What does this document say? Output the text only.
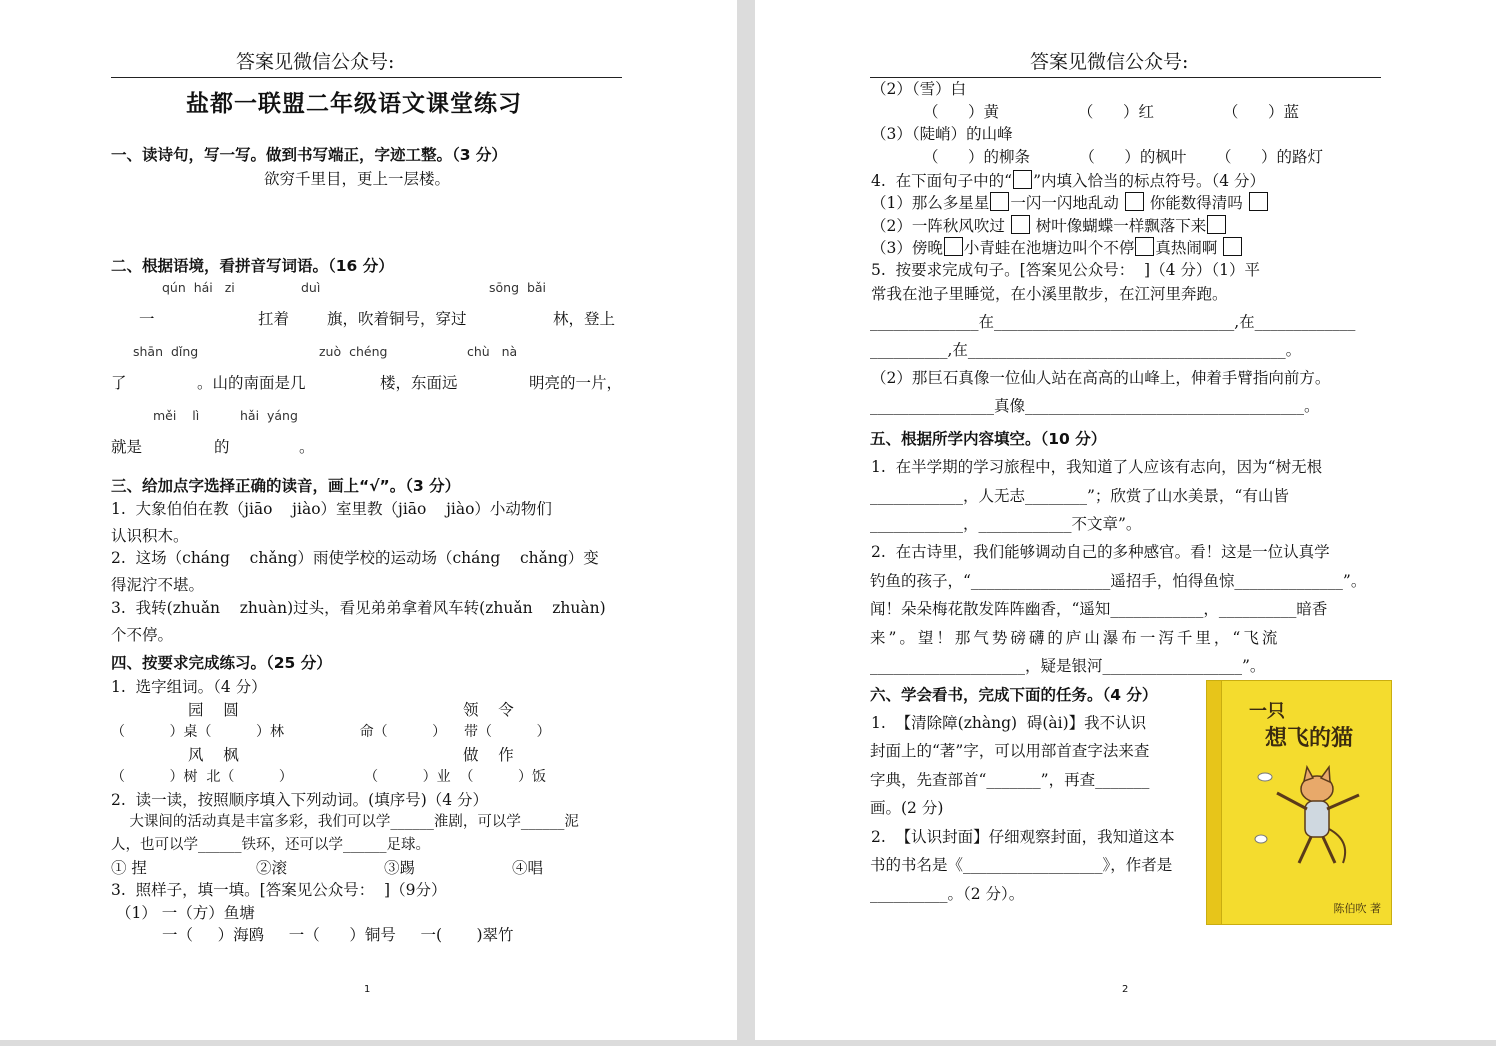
答案见微信公众号:
盐都一联盟二年级语文课堂练习
一、读诗句，写一写。做到书写端正，字迹工整。（3 分）
欲穷千里目，更上一层楼。
二、根据语境，看拼音写词语。（16 分）
qún  hái   zi	duì	sōng  bǎi
一	扛着 旗，吹着铜号，穿过	林，登上
shān  dǐng	zuò  chéng	chù   nà
了	。山的南面是几	楼，东面远	明亮的一片，
měi    lì	hǎi  yáng
就是	的	。
三、给加点字选择正确的读音，画上“√”。（3 分）
1.  大象伯伯在教（jiāo    jiào）室里教（jiāo    jiào）小动物们
认识积木。
2.  这场（cháng    chǎng）雨使学校的运动场（cháng    chǎng）变
得泥泞不堪。
3.  我转(zhuǎn    zhuàn)过头，看见弟弟拿着风车转(zhuǎn    zhuàn)
个不停。
四、按要求完成练习。（25 分）
1.  选字组词。（4 分）
园    圆	领    令
（          ）桌（          ）林                 命（          ）    带（          ）
风    枫	做    作
（          ）树  北（          ）                （          ）业  （          ）饭
2.  读一读，按照顺序填入下列动词。(填序号)（4 分）
大课间的活动真是丰富多彩，我们可以学______淮剧，可以学______泥
人，也可以学______铁环，还可以学______足球。
① 捏	②滚	③踢	④唱
3.  照样子，填一填。[答案见公众号：  ]（9分）
（1） 一（方）鱼塘
一（     ）海鸥     一（      ）铜号     一(       )翠竹
1
答案见微信公众号:
（2）（雪）白
（      ）黄                （      ）红              （      ）蓝
（3）（陡峭）的山峰
（      ）的柳条          （      ）的枫叶      （      ）的路灯
4.  在下面句子中的“ ”内填入恰当的标点符号。（4 分）
（1）那么多星星 一闪一闪地乱动 你能数得清吗
（2）一阵秋风吹过 树叶像蝴蝶一样飘落下来
（3）傍晚 小青蛙在池塘边叫个不停 真热闹啊
5.  按要求完成句子。[答案见公众号：  ]（4 分）（1）平
常我在池子里睡觉，在小溪里散步，在江河里奔跑。
______________在_______________________________,在_____________
__________,在_________________________________________。
（2）那巨石真像一位仙人站在高高的山峰上，伸着手臂指向前方。
________________真像____________________________________。
五、根据所学内容填空。（10 分）
1.  在半学期的学习旅程中，我知道了人应该有志向，因为“树无根
____________，人无志________”；欣赏了山水美景，“有山皆
____________，____________不文章”。
2.  在古诗里，我们能够调动自己的多种感官。看！这是一位认真学
钓鱼的孩子，“__________________遥招手，怕得鱼惊______________”。
闻！朵朵梅花散发阵阵幽香，“遥知____________，__________暗香
来”。望！那气势磅礴的庐山瀑布一泻千里，“飞流
____________________，疑是银河__________________”。
六、学会看书，完成下面的任务。（4 分）
1.  【清除障(zhàng)  碍(ài)】我不认识
封面上的“著”字，可以用部首查字法来查
字典，先查部首“_______”，再查_______
画。(2 分)
2.  【认识封面】仔细观察封面，我知道这本
书的书名是《__________________》，作者是
__________。（2 分）。
一只
想飞的猫
陈伯吹 著
2
